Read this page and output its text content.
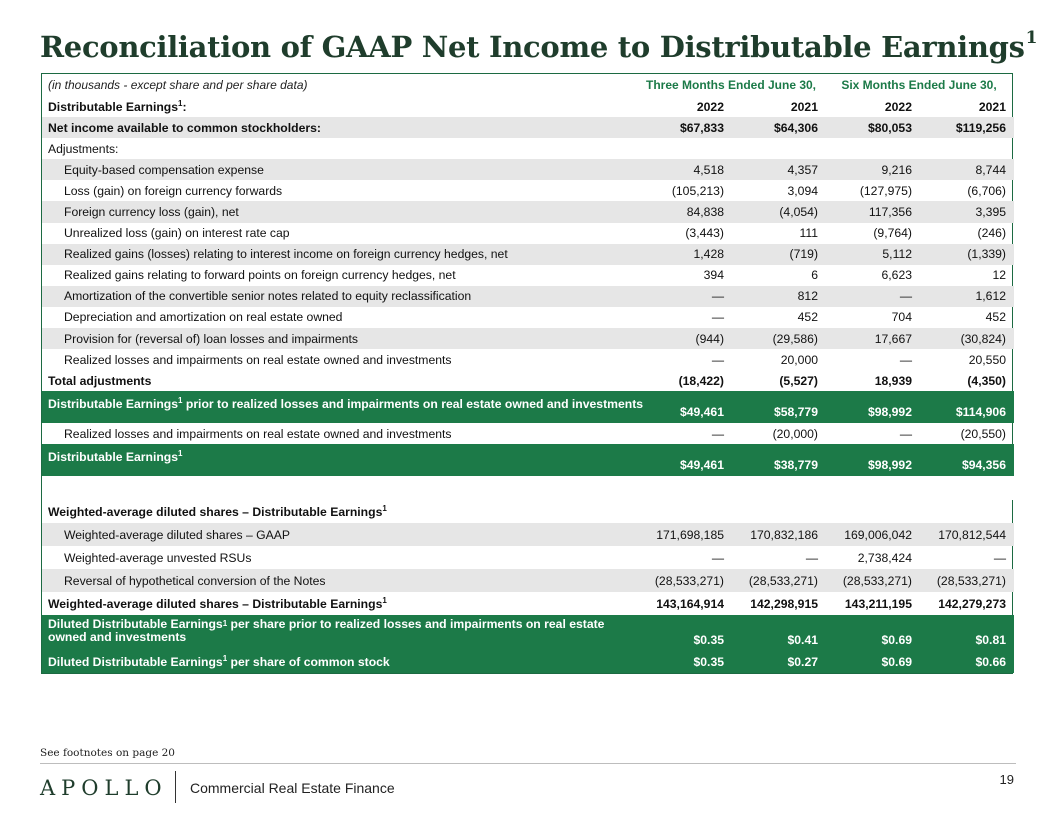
Reconciliation of GAAP Net Income to Distributable Earnings$^1$
(in thousands - except share and per share data)	Three Months Ended June 30,		Six Months Ended June 30,	
Distributable Earnings$^1$:	2022	2021	2022	2021
Net income available to common stockholders:	$67,833	$64,306	$80,053	$119,256
Adjustments:				
Equity-based compensation expense	4,518	4,357	9,216	8,744
Loss (gain) on foreign currency forwards	(105,213)	3,094	(127,975)	(6,706)
Foreign currency loss (gain), net	84,838	(4,054)	117,356	3,395
Unrealized loss (gain) on interest rate cap	(3,443)	111	(9,764)	(246)
Realized gains (losses) relating to interest income on foreign currency hedges, net	1,428	(719)	5,112	(1,339)
Realized gains relating to forward points on foreign currency hedges, net	394	6	6,623	12
Amortization of the convertible senior notes related to equity reclassification	—	812	—	1,612
Depreciation and amortization on real estate owned	—	452	704	452
Provision for (reversal of) loan losses and impairments	(944)	(29,586)	17,667	(30,824)
Realized losses and impairments on real estate owned and investments	—	20,000	—	20,550
Total adjustments	(18,422)	(5,527)	18,939	(4,350)
Distributable Earnings$^1$ prior to realized losses and impairments on real estate owned and investments	$49,461	$58,779	$98,992	$114,906
Realized losses and impairments on real estate owned and investments	—	(20,000)	—	(20,550)
Distributable Earnings$^1$	$49,461	$38,779	$98,992	$94,356

Weighted-average diluted shares – Distributable Earnings$^1$				
Weighted-average diluted shares – GAAP	171,698,185	170,832,186	169,006,042	170,812,544
Weighted-average unvested RSUs	—	—	2,738,424	—
Reversal of hypothetical conversion of the Notes	(28,533,271)	(28,533,271)	(28,533,271)	(28,533,271)
Weighted-average diluted shares – Distributable Earnings$^1$	143,164,914	142,298,915	143,211,195	142,279,273
Diluted Distributable Earnings$^1$ per share prior to realized losses and impairments on real estate owned and investments	$0.35	$0.41	$0.69	$0.81
Diluted Distributable Earnings$^1$ per share of common stock	$0.35	$0.27	$0.69	$0.66
See footnotes on page 20
APOLLO Commercial Real Estate Finance
19
